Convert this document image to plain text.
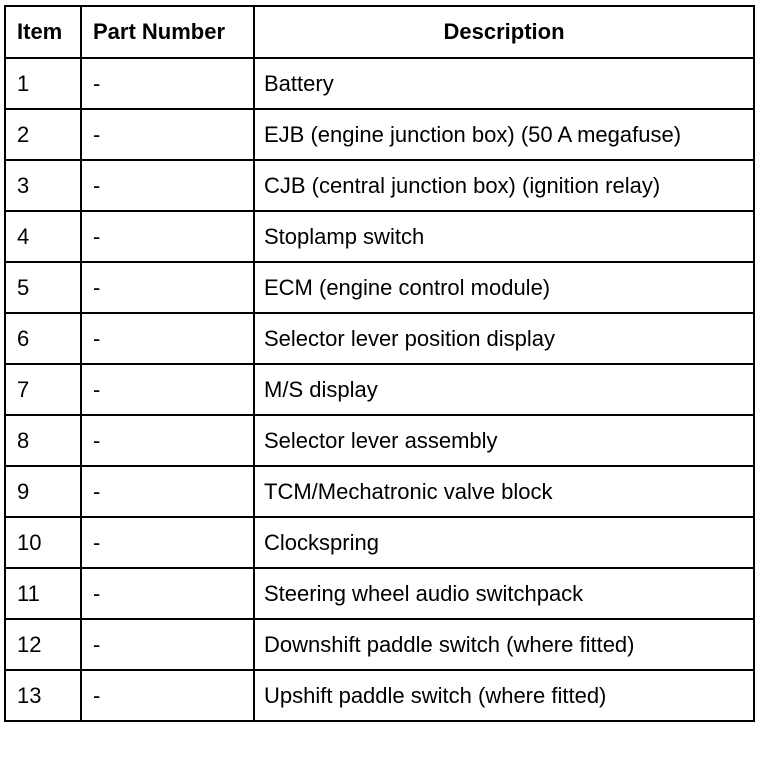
Item	Part Number	Description
1	-	Battery
2	-	EJB (engine junction box) (50 A megafuse)
3	-	CJB (central junction box) (ignition relay)
4	-	Stoplamp switch
5	-	ECM (engine control module)
6	-	Selector lever position display
7	-	M/S display
8	-	Selector lever assembly
9	-	TCM/Mechatronic valve block
10	-	Clockspring
11	-	Steering wheel audio switchpack
12	-	Downshift paddle switch (where fitted)
13	-	Upshift paddle switch (where fitted)
